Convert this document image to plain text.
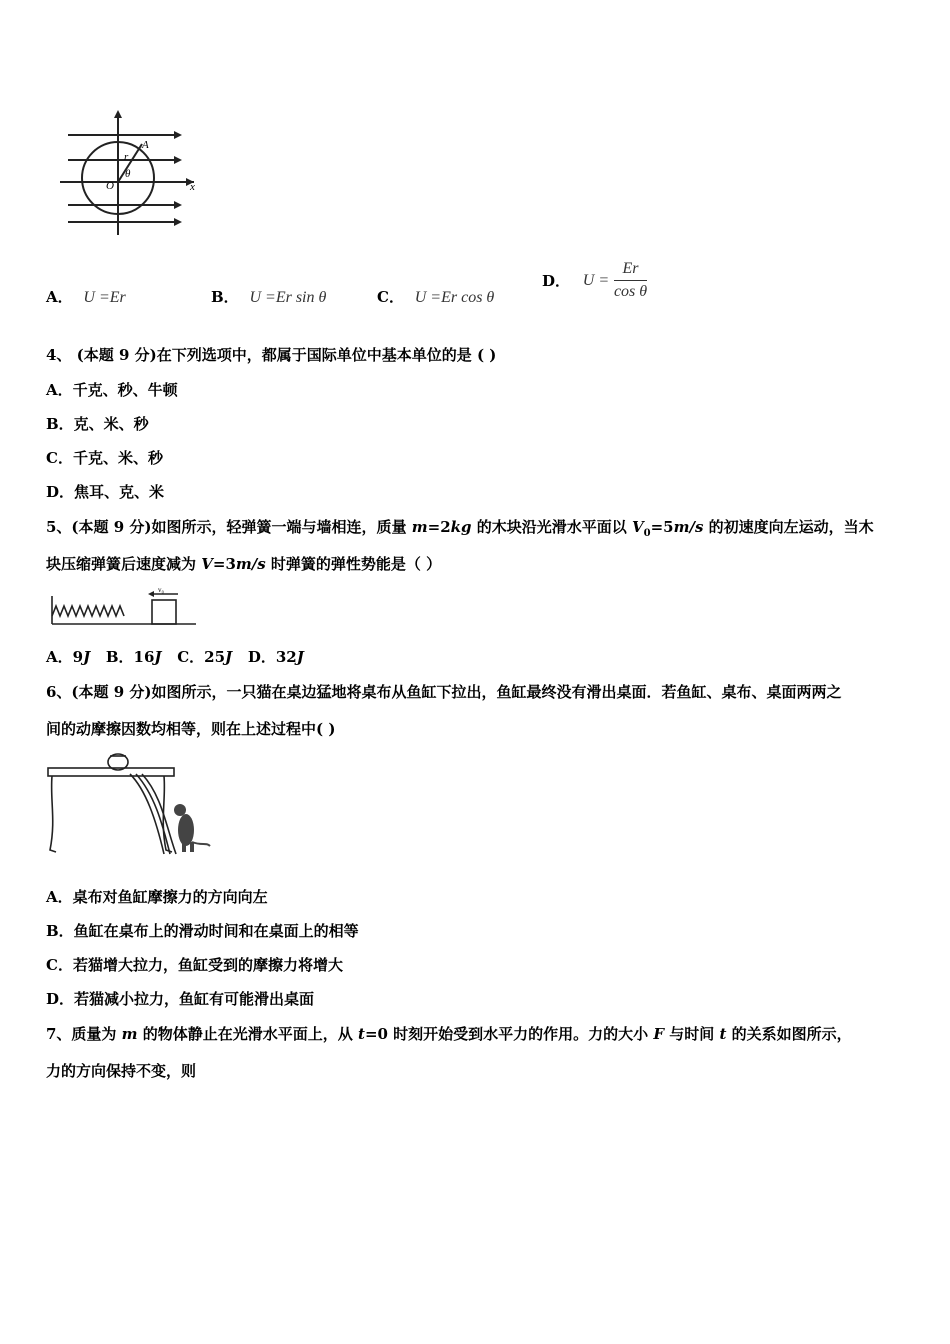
A
r
θ
O	x
A． U =Er	B． U =Er sin θ	C． U =Er cos θ
D． $U = \frac{Er}{\text{cos θ}}$
4、 (本题 9 分)在下列选项中，都属于国际单位中基本单位的是 ( )
A．千克、秒、牛顿
B．克、米、秒
C．千克、米、秒
D．焦耳、克、米
5、(本题 9 分)如图所示，轻弹簧一端与墙相连，质量 m=2kg 的木块沿光滑水平面以 $V_0=5m/s$ 的初速度向左运动，当木
块压缩弹簧后速度减为 V=3m/s 时弹簧的弹性势能是（ ）
v₀
A．9J B．16J C．25J D．32J
6、(本题 9 分)如图所示，一只猫在桌边猛地将桌布从鱼缸下拉出，鱼缸最终没有滑出桌面．若鱼缸、桌布、桌面两两之
间的动摩擦因数均相等，则在上述过程中( )
A．桌布对鱼缸摩擦力的方向向左
B．鱼缸在桌布上的滑动时间和在桌面上的相等
C．若猫增大拉力，鱼缸受到的摩擦力将增大
D．若猫减小拉力，鱼缸有可能滑出桌面
7、质量为 m 的物体静止在光滑水平面上，从 t=0 时刻开始受到水平力的作用。力的大小 F 与时间 t 的关系如图所示，
力的方向保持不变，则
